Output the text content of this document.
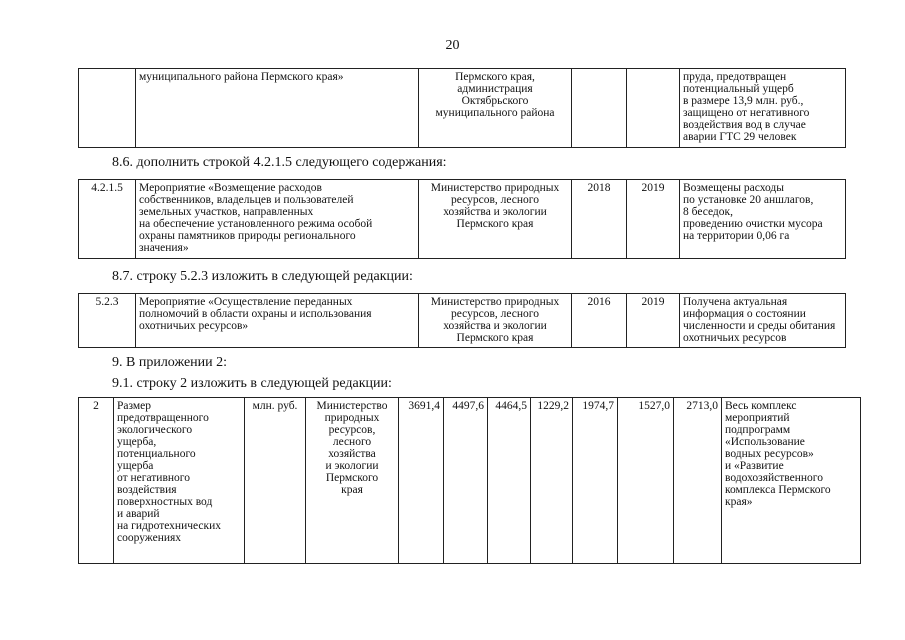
20
	муниципального района Пермского края»	Пермского края,
администрация
Октябрьского
муниципального района			пруда, предотвращен
потенциальный ущерб
в размере 13,9 млн. руб.,
защищено от негативного
воздействия вод в случае
аварии ГТС 29 человек
8.6. дополнить строкой 4.2.1.5 следующего содержания:
4.2.1.5	Мероприятие «Возмещение расходов
собственников, владельцев и пользователей
земельных участков, направленных
на обеспечение установленного режима особой
охраны памятников природы регионального
значения»	Министерство природных
ресурсов, лесного
хозяйства и экологии
Пермского края	2018	2019	Возмещены расходы
по установке 20 аншлагов,
8 беседок,
проведению очистки мусора
на территории 0,06 га
8.7. строку 5.2.3 изложить в следующей редакции:
5.2.3	Мероприятие «Осуществление переданных
полномочий в области охраны и использования
охотничьих ресурсов»	Министерство природных
ресурсов, лесного
хозяйства и экологии
Пермского края	2016	2019	Получена актуальная
информация о состоянии
численности и среды обитания
охотничьих ресурсов
9. В приложении 2:
9.1. строку 2 изложить в следующей редакции:
2	Размер
предотвращенного
экологического
ущерба,
потенциального
ущерба
от негативного
воздействия
поверхностных вод
и аварий
на гидротехнических
сооружениях	млн. руб.	Министерство
природных
ресурсов,
лесного
хозяйства
и экологии
Пермского
края	3691,4	4497,6	4464,5	1229,2	1974,7	1527,0	2713,0	Весь комплекс
мероприятий
подпрограмм
«Использование
водных ресурсов»
и «Развитие
водохозяйственного
комплекса Пермского
края»
